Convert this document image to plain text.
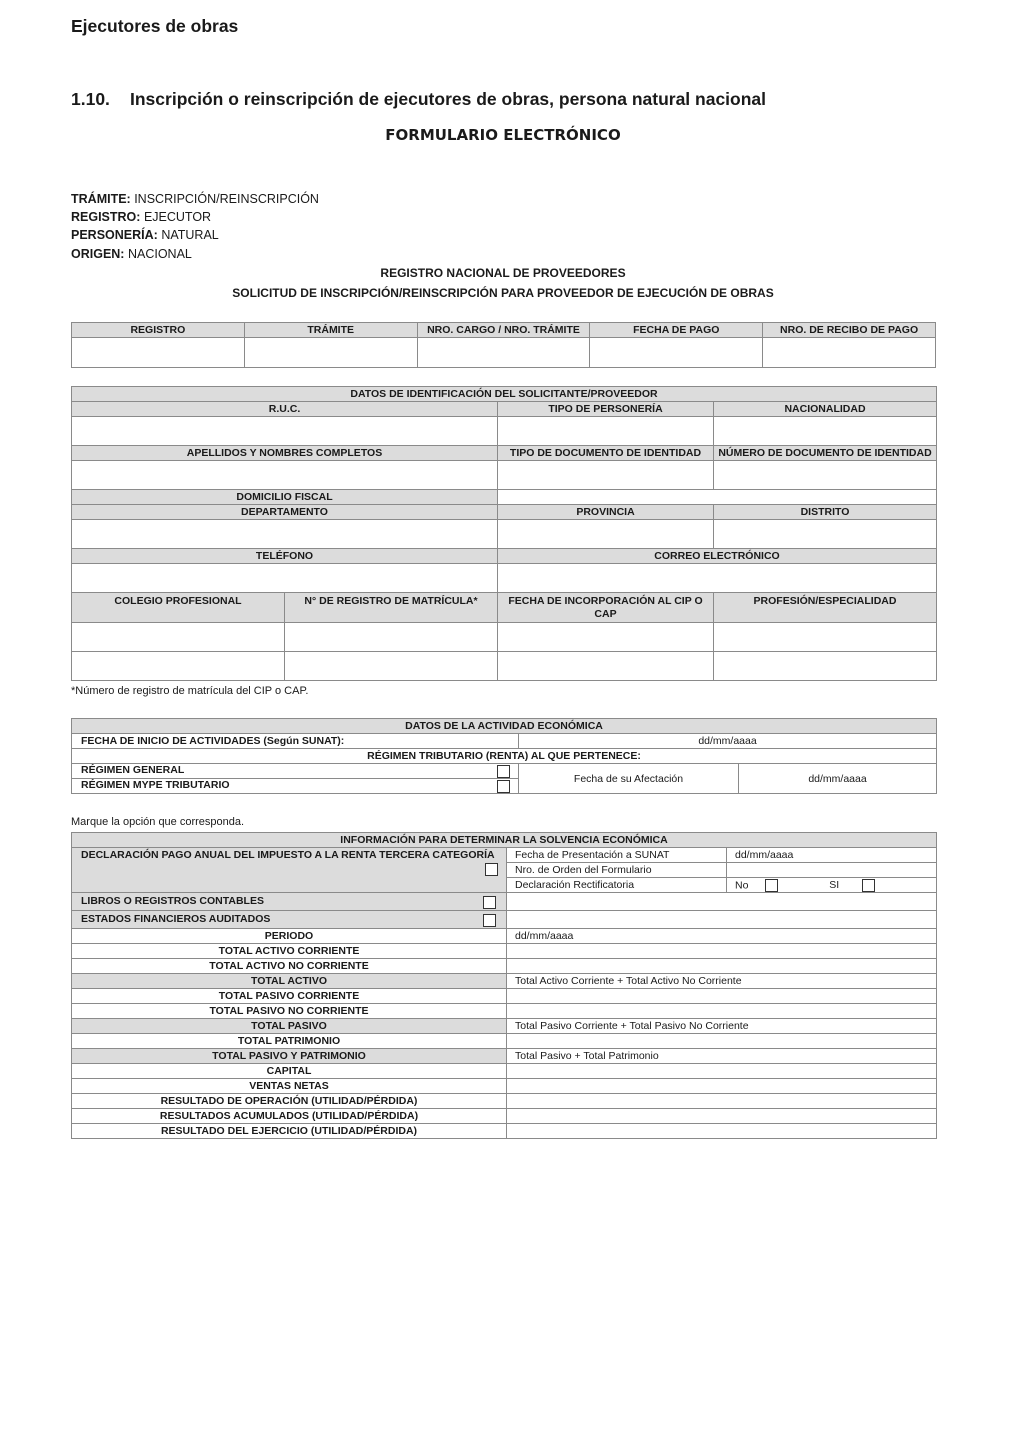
Ejecutores de obras
1.10. Inscripción o reinscripción de ejecutores de obras, persona natural nacional
FORMULARIO ELECTRÓNICO
TRÁMITE: INSCRIPCIÓN/REINSCRIPCIÓN
REGISTRO: EJECUTOR
PERSONERÍA: NATURAL
ORIGEN: NACIONAL
REGISTRO NACIONAL DE PROVEEDORES
SOLICITUD DE INSCRIPCIÓN/REINSCRIPCIÓN PARA PROVEEDOR DE EJECUCIÓN DE OBRAS
REGISTRO	TRÁMITE	NRO. CARGO / NRO. TRÁMITE	FECHA DE PAGO	NRO. DE RECIBO DE PAGO

DATOS DE IDENTIFICACIÓN DEL SOLICITANTE/PROVEEDOR			
R.U.C.		TIPO DE PERSONERÍA	NACIONALIDAD

APELLIDOS Y NOMBRES COMPLETOS		TIPO DE DOCUMENTO DE IDENTIDAD	NÚMERO DE DOCUMENTO DE IDENTIDAD

DOMICILIO FISCAL			
DEPARTAMENTO		PROVINCIA	DISTRITO

TELÉFONO		CORREO ELECTRÓNICO	

COLEGIO PROFESIONAL	N° DE REGISTRO DE MATRÍCULA*	FECHA DE INCORPORACIÓN AL CIP O
CAP	PROFESIÓN/ESPECIALIDAD

*Número de registro de matrícula del CIP o CAP.
DATOS DE LA ACTIVIDAD ECONÓMICA		
FECHA DE INICIO DE ACTIVIDADES (Según SUNAT):	dd/mm/aaaa	
RÉGIMEN TRIBUTARIO (RENTA) AL QUE PERTENECE:		
RÉGIMEN GENERAL	Fecha de su Afectación	dd/mm/aaaa
RÉGIMEN MYPE TRIBUTARIO		
Marque la opción que corresponda.
INFORMACIÓN PARA DETERMINAR LA SOLVENCIA ECONÓMICA		
DECLARACIÓN PAGO ANUAL DEL IMPUESTO A LA RENTA TERCERA CATEGORÍA	Fecha de Presentación a SUNAT	dd/mm/aaaa
	Nro. de Orden del Formulario	
	Declaración Rectificatoria	No SI
LIBROS O REGISTROS CONTABLES	

ESTADOS FINANCIEROS AUDITADOS	

PERIODO	dd/mm/aaaa	
TOTAL ACTIVO CORRIENTE		
TOTAL ACTIVO NO CORRIENTE		
TOTAL ACTIVO	Total Activo Corriente + Total Activo No Corriente	
TOTAL PASIVO CORRIENTE		
TOTAL PASIVO NO CORRIENTE		
TOTAL PASIVO	Total Pasivo Corriente + Total Pasivo No Corriente	
TOTAL PATRIMONIO		
TOTAL PASIVO Y PATRIMONIO	Total Pasivo + Total Patrimonio	
CAPITAL		
VENTAS NETAS		
RESULTADO DE OPERACIÓN (UTILIDAD/PÉRDIDA)		
RESULTADOS ACUMULADOS (UTILIDAD/PÉRDIDA)		
RESULTADO DEL EJERCICIO (UTILIDAD/PÉRDIDA)		
